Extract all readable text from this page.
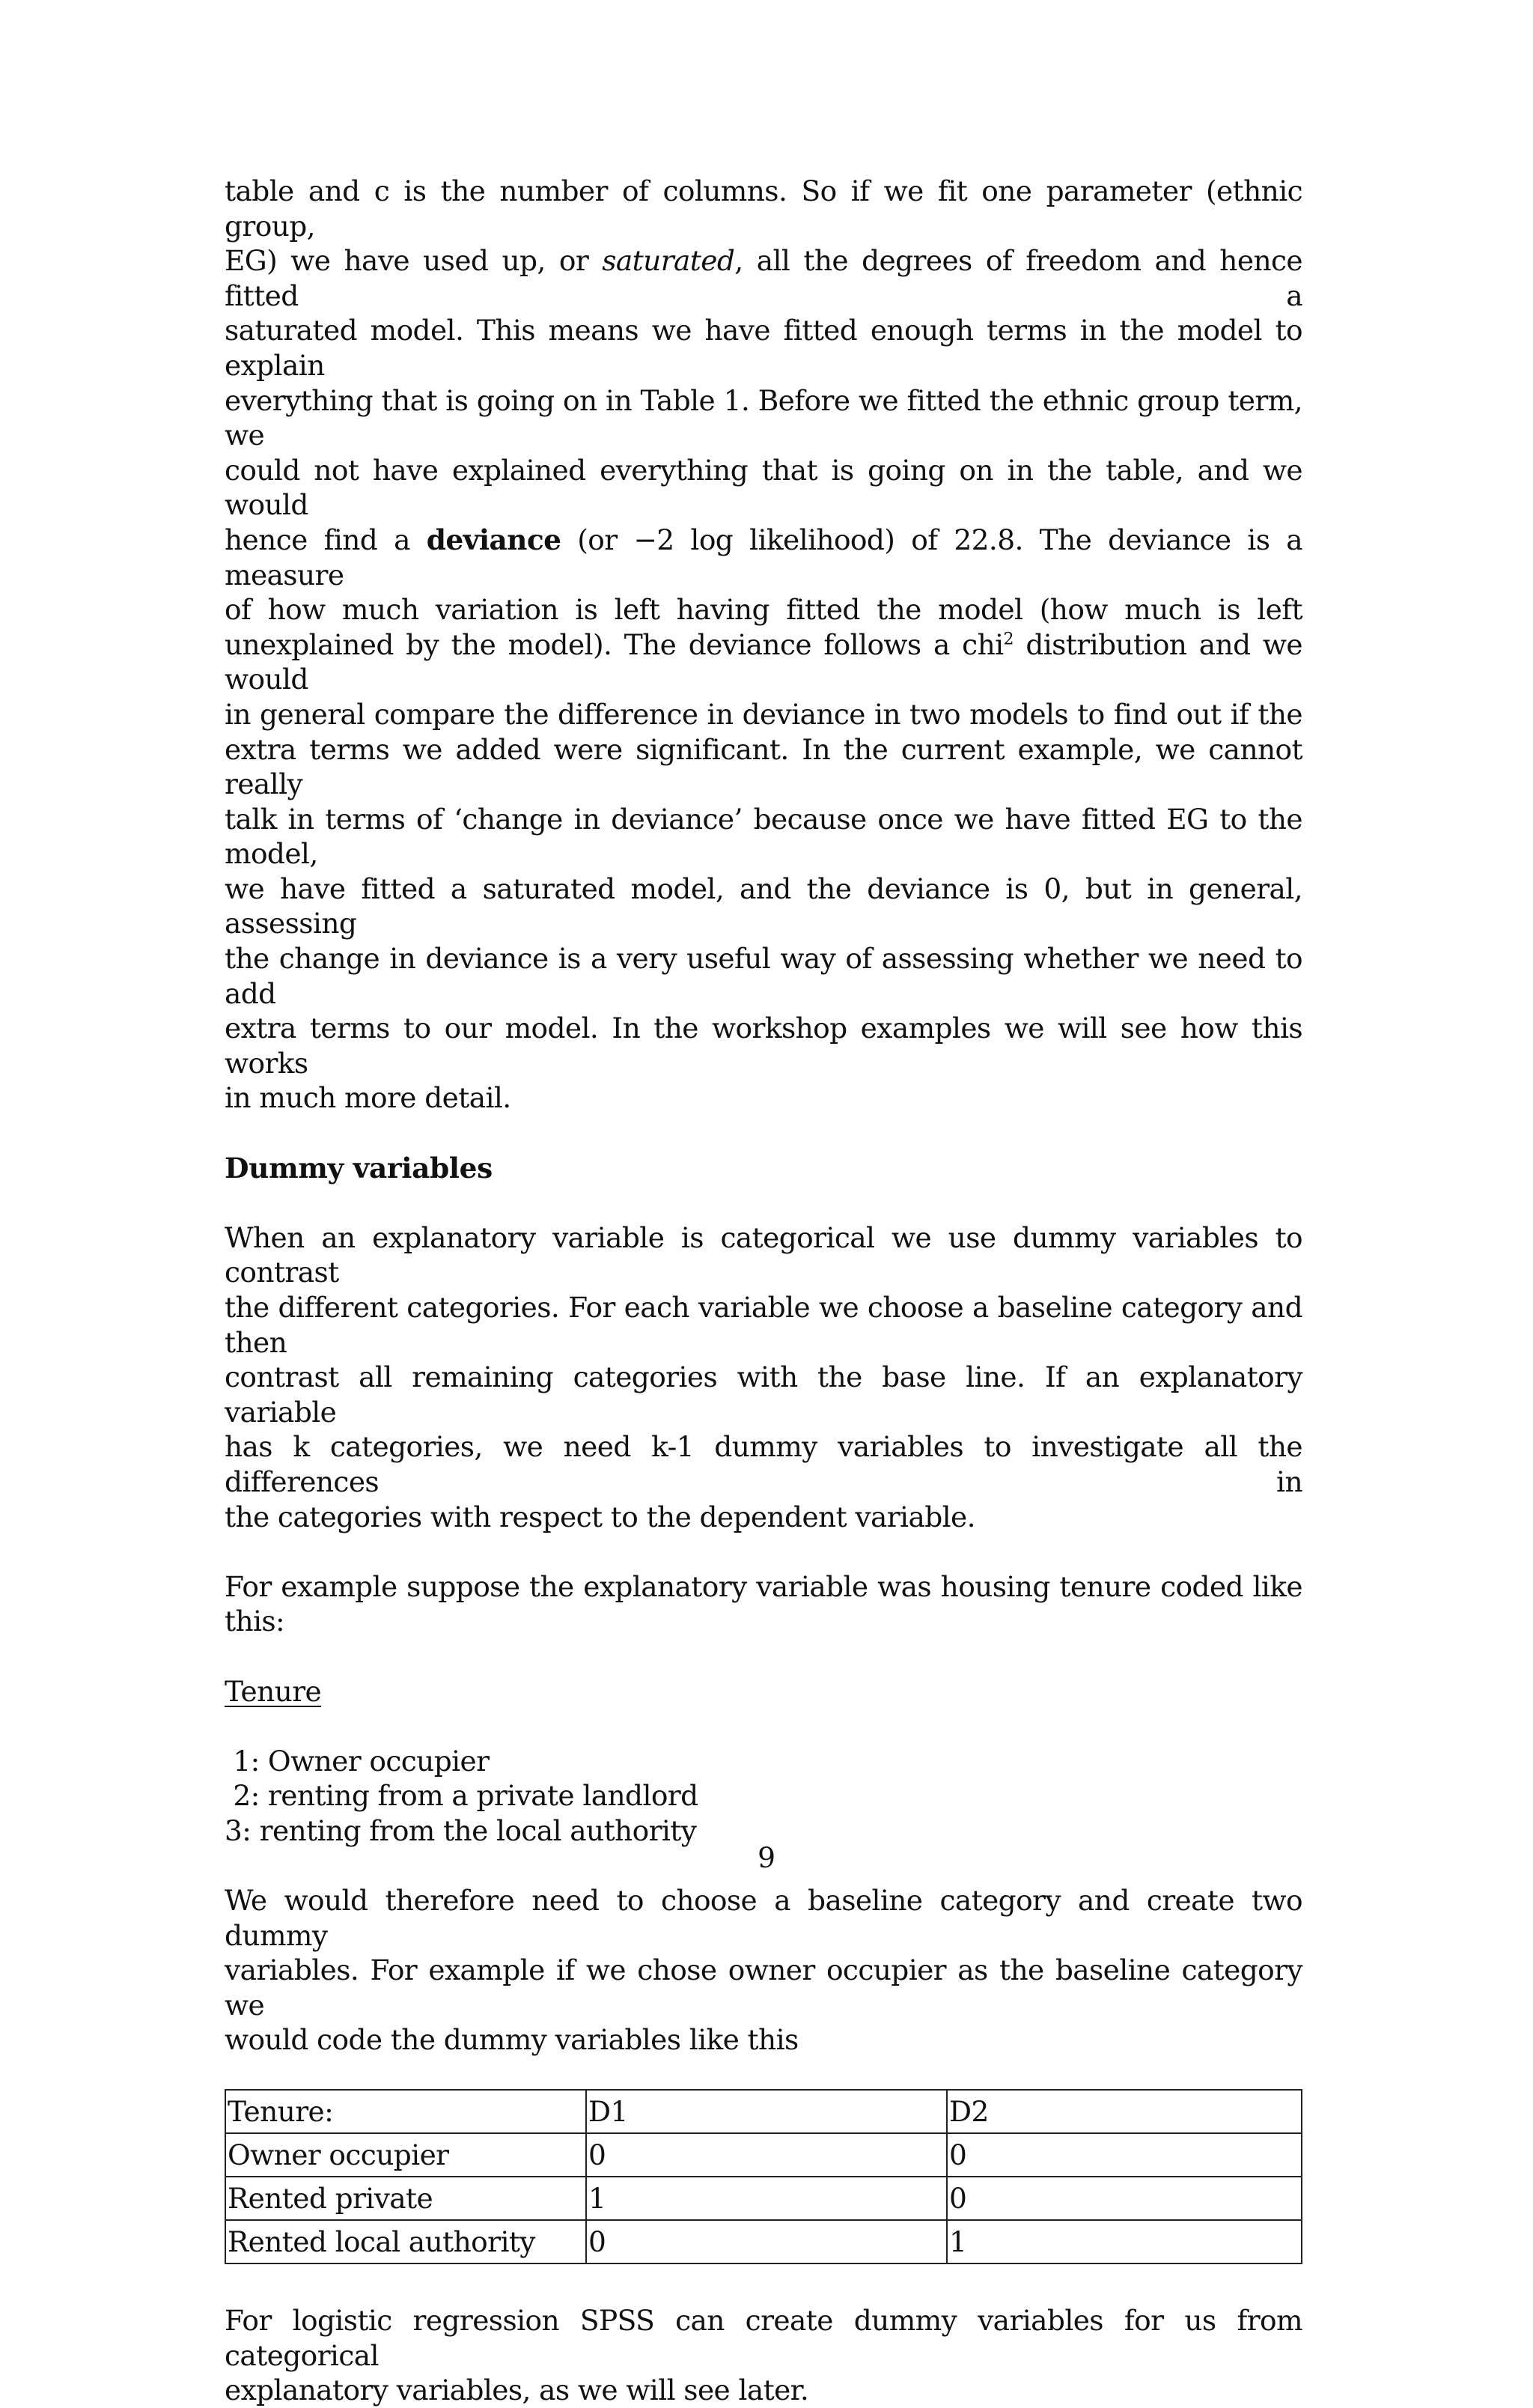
table and c is the number of columns. So if we fit one parameter (ethnic group,
EG) we have used up, or saturated, all the degrees of freedom and hence fitted a
saturated model. This means we have fitted enough terms in the model to explain
everything that is going on in Table 1. Before we fitted the ethnic group term, we
could not have explained everything that is going on in the table, and we would
hence find a deviance (or −2 log likelihood) of 22.8. The deviance is a measure
of how much variation is left having fitted the model (how much is left
unexplained by the model). The deviance follows a chi$^2$ distribution and we would
in general compare the difference in deviance in two models to find out if the
extra terms we added were significant. In the current example, we cannot really
talk in terms of ‘change in deviance’ because once we have fitted EG to the model,
we have fitted a saturated model, and the deviance is 0, but in general, assessing
the change in deviance is a very useful way of assessing whether we need to add
extra terms to our model. In the workshop examples we will see how this works
in much more detail.
Dummy variables
When an explanatory variable is categorical we use dummy variables to contrast
the different categories. For each variable we choose a baseline category and then
contrast all remaining categories with the base line. If an explanatory variable
has k categories, we need k-1 dummy variables to investigate all the differences in
the categories with respect to the dependent variable.
For example suppose the explanatory variable was housing tenure coded like this:
Tenure
1: Owner occupier
2: renting from a private landlord
3: renting from the local authority
We would therefore need to choose a baseline category and create two dummy
variables. For example if we chose owner occupier as the baseline category we
would code the dummy variables like this
Tenure:	D1	D2
Owner occupier	0	0
Rented private	1	0
Rented local authority	0	1
For logistic regression SPSS can create dummy variables for us from categorical
explanatory variables, as we will see later.
9
